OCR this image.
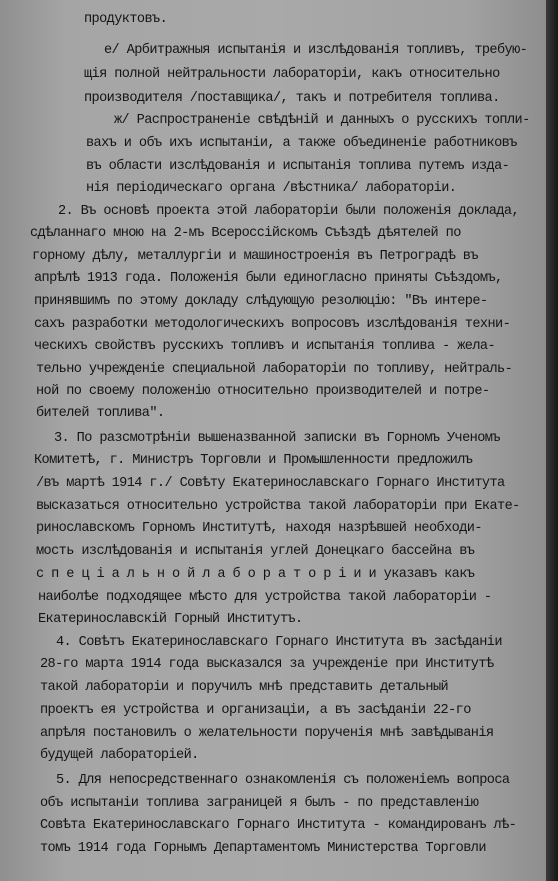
продуктовъ.
е/ Арбитражныя испытанія и изслѣдованія топливъ, требую-
щія полной нейтральности лабораторіи, какъ относительно
производителя /поставщика/, такъ и потребителя топлива.
ж/ Распространеніе свѣдѣній и данныхъ о русскихъ топли-
вахъ и объ ихъ испытаніи, а также объединеніе работниковъ
въ области изслѣдованія и испытанія топлива путемъ изда-
нія періодическаго органа /вѣстника/ лабораторіи.
2. Въ основѣ проекта этой лабораторіи были положенія доклада,
сдѣланнаго мною на 2-мъ Всероссійскомъ Съѣздѣ дѣятелей по
горному дѣлу, металлургіи и машиностроенія въ Петроградѣ въ
апрѣлѣ 1913 года. Положенія были единогласно приняты Съѣздомъ,
принявшимъ по этому докладу слѣдующую резолюцію: "Въ интере-
сахъ разработки методологическихъ вопросовъ изслѣдованія техни-
ческихъ свойствъ русскихъ топливъ и испытанія топлива - жела-
тельно учрежденіе специальной лабораторіи по топливу, нейтраль-
ной по своему положенію относительно производителей и потре-
бителей топлива".
3. По разсмотрѣніи вышеназванной записки въ Горномъ Ученомъ
Комитетѣ, г. Министръ Торговли и Промышленности предложилъ
/въ мартѣ 1914 г./ Совѣту Екатеринославскаго Горнаго Института
высказаться относительно устройства такой лабораторіи при Екате-
ринославскомъ Горномъ Институтѣ, находя назрѣвшей необходи-
мость изслѣдованія и испытанія углей Донецкаго бассейна въ
с п е ц і а л ь н о й л а б о р а т о р і и и указавъ какъ
наиболѣе подходящее мѣсто для устройства такой лабораторіи -
Екатеринославскій Горный Институтъ.
4. Совѣтъ Екатеринославскаго Горнаго Института въ засѣданіи
28-го марта 1914 года высказался за учрежденіе при Институтѣ
такой лабораторіи и поручилъ мнѣ представить детальный
проектъ ея устройства и организаціи, а въ засѣданіи 22-го
апрѣля постановилъ о желательности порученія мнѣ завѣдыванія
будущей лабораторіей.
5. Для непосредственнаго ознакомленія съ положеніемъ вопроса
объ испытаніи топлива заграницей я былъ - по представленію
Совѣта Екатеринославскаго Горнаго Института - командированъ лѣ-
томъ 1914 года Горнымъ Департаментомъ Министерства Торговли
